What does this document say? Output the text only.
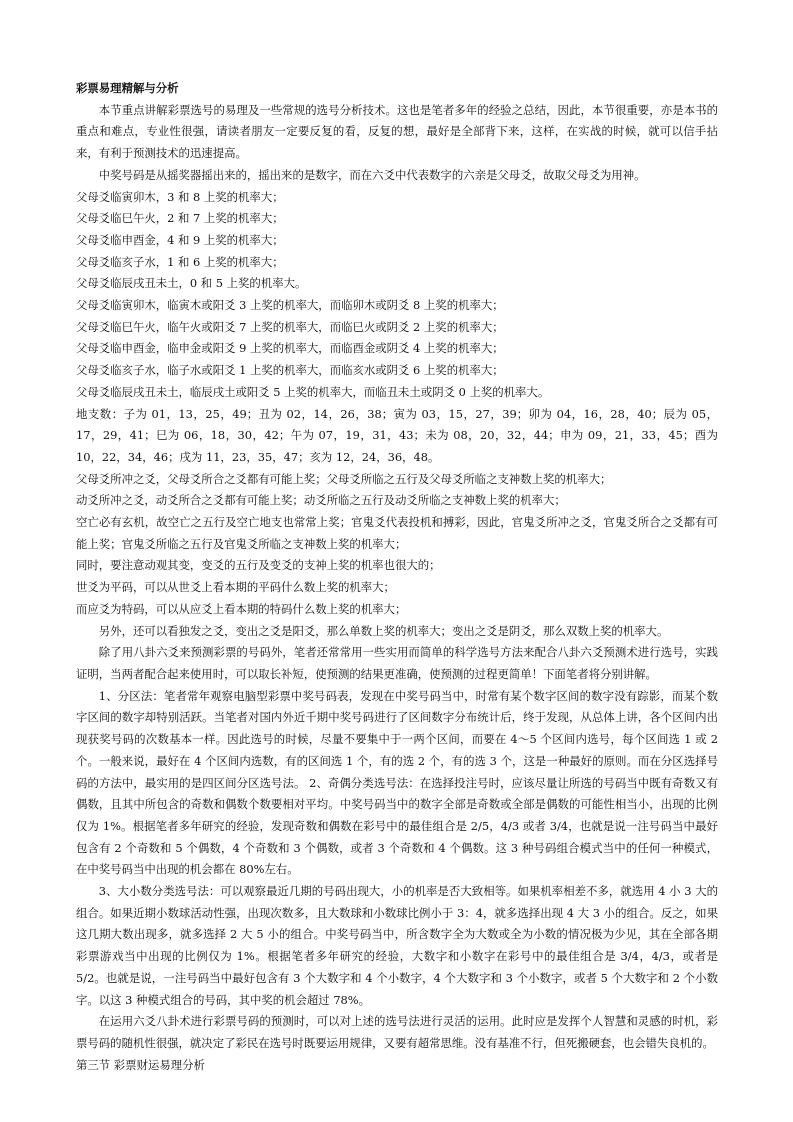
彩票易理精解与分析

本节重点讲解彩票选号的易理及一些常规的选号分析技术。这也是笔者多年的经验之总结，因此，本节很重要，亦是本书的重点和难点，专业性很强，请读者朋友一定要反复的看，反复的想，最好是全部背下来，这样，在实战的时候，就可以信手拈来，有利于预测技术的迅速提高。

中奖号码是从摇奖器摇出来的，摇出来的是数字，而在六爻中代表数字的六亲是父母爻，故取父母爻为用神。

父母爻临寅卯木，3 和 8 上奖的机率大；

父母爻临巳午火，2 和 7 上奖的机率大；

父母爻临申酉金，4 和 9 上奖的机率大；

父母爻临亥子水，1 和 6 上奖的机率大；

父母爻临辰戌丑未土，0 和 5 上奖的机率大。

父母爻临寅卯木，临寅木或阳爻 3 上奖的机率大，而临卯木或阴爻 8 上奖的机率大；

父母爻临巳午火，临午火或阳爻 7 上奖的机率大，而临巳火或阴爻 2 上奖的机率大；

父母爻临申酉金，临申金或阳爻 9 上奖的机率大，而临酉金或阴爻 4 上奖的机率大；

父母爻临亥子水，临子水或阳爻 1 上奖的机率大，而临亥水或阴爻 6 上奖的机率大；

父母爻临辰戌丑未土，临辰戌土或阳爻 5 上奖的机率大，而临丑未土或阴爻 0 上奖的机率大。

地支数：子为 01，13，25，49；丑为 02，14，26，38；寅为 03，15，27，39；卯为 04，16，28，40；辰为 05，17，29，41；巳为 06，18，30，42；午为 07，19，31，43；未为 08，20，32，44；申为 09，21，33，45；酉为 10，22，34，46；戌为 11，23，35，47；亥为 12，24，36，48。

父母爻所冲之爻，父母爻所合之爻都有可能上奖；父母爻所临之五行及父母爻所临之支神数上奖的机率大；

动爻所冲之爻，动爻所合之爻都有可能上奖；动爻所临之五行及动爻所临之支神数上奖的机率大；

空亡必有玄机，故空亡之五行及空亡地支也常常上奖；官鬼爻代表投机和搏彩，因此，官鬼爻所冲之爻，官鬼爻所合之爻都有可能上奖；官鬼爻所临之五行及官鬼爻所临之支神数上奖的机率大；

同时，要注意动观其变，变爻的五行及变爻的支神上奖的机率也很大的；

世爻为平码，可以从世爻上看本期的平码什么数上奖的机率大；

而应爻为特码，可以从应爻上看本期的特码什么数上奖的机率大；

另外，还可以看独发之爻，变出之爻是阳爻，那么单数上奖的机率大；变出之爻是阴爻，那么双数上奖的机率大。

除了用八卦六爻来预测彩票的号码外，笔者还常常用一些实用而简单的科学选号方法来配合八卦六爻预测术进行选号，实践证明，当两者配合起来使用时，可以取长补短，使预测的结果更准确，使预测的过程更简单！下面笔者将分别讲解。

1、分区法：笔者常年观察电脑型彩票中奖号码表，发现在中奖号码当中，时常有某个数字区间的数字没有踪影，而某个数字区间的数字却特别活跃。当笔者对国内外近千期中奖号码进行了区间数字分布统计后，终于发现，从总体上讲，各个区间内出现获奖号码的次数基本一样。因此选号的时候，尽量不要集中于一两个区间，而要在 4～5 个区间内选号，每个区间选 1 或 2 个。一般来说，最好在 4 个区间内选数，有的区间选 1 个，有的选 2 个，有的选 3 个，这是一种最好的原则。而在分区选择号码的方法中，最实用的是四区间分区选号法。 2、奇偶分类选号法：在选择投注号时，应该尽量让所选的号码当中既有奇数又有偶数，且其中所包含的奇数和偶数个数要相对平均。中奖号码当中的数字全部是奇数或全部是偶数的可能性相当小，出现的比例仅为 1%。根据笔者多年研究的经验，发现奇数和偶数在彩号中的最佳组合是 2/5，4/3 或者 3/4，也就是说一注号码当中最好包含有 2 个奇数和 5 个偶数，4 个奇数和 3 个偶数，或者 3 个奇数和 4 个偶数。这 3 种号码组合模式当中的任何一种模式，在中奖号码当中出现的机会都在 80%左右。

3、大小数分类选号法：可以观察最近几期的号码出现大，小的机率是否大致相等。如果机率相差不多，就选用 4 小 3 大的组合。如果近期小数球活动性强，出现次数多，且大数球和小数球比例小于 3：4，就多选择出现 4 大 3 小的组合。反之，如果这几期大数出现多，就多选择 2 大 5 小的组合。中奖号码当中，所含数字全为大数或全为小数的情况极为少见，其在全部各期彩票游戏当中出现的比例仅为 1%。根据笔者多年研究的经验，大数字和小数字在彩号中的最佳组合是 3/4，4/3，或者是 5/2。也就是说，一注号码当中最好包含有 3 个大数字和 4 个小数字，4 个大数字和 3 个小数字，或者 5 个大数字和 2 个小数字。以这 3 种模式组合的号码，其中奖的机会超过 78%。

在运用六爻八卦术进行彩票号码的预测时，可以对上述的选号法进行灵活的运用。此时应是发挥个人智慧和灵感的时机，彩票号码的随机性很强，就决定了彩民在选号时既要运用规律，又要有超常思维。没有基准不行，但死搬硬套，也会错失良机的。

第三节 彩票财运易理分析
